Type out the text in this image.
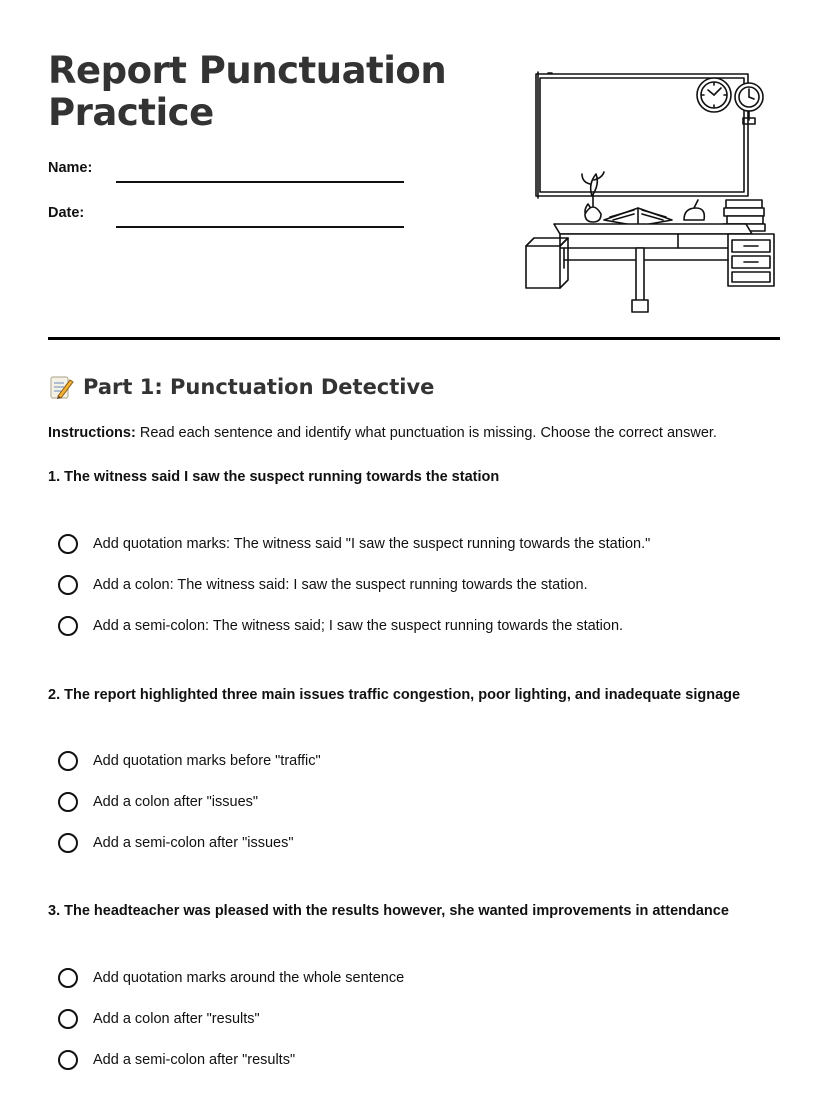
Report Punctuation Practice
Name:
Date:
Part 1: Punctuation Detective
Instructions: Read each sentence and identify what punctuation is missing. Choose the correct answer.
1. The witness said I saw the suspect running towards the station
Add quotation marks: The witness said "I saw the suspect running towards the station."
Add a colon: The witness said: I saw the suspect running towards the station.
Add a semi-colon: The witness said; I saw the suspect running towards the station.
2. The report highlighted three main issues traffic congestion, poor lighting, and inadequate signage
Add quotation marks before "traffic"
Add a colon after "issues"
Add a semi-colon after "issues"
3. The headteacher was pleased with the results however, she wanted improvements in attendance
Add quotation marks around the whole sentence
Add a colon after "results"
Add a semi-colon after "results"
